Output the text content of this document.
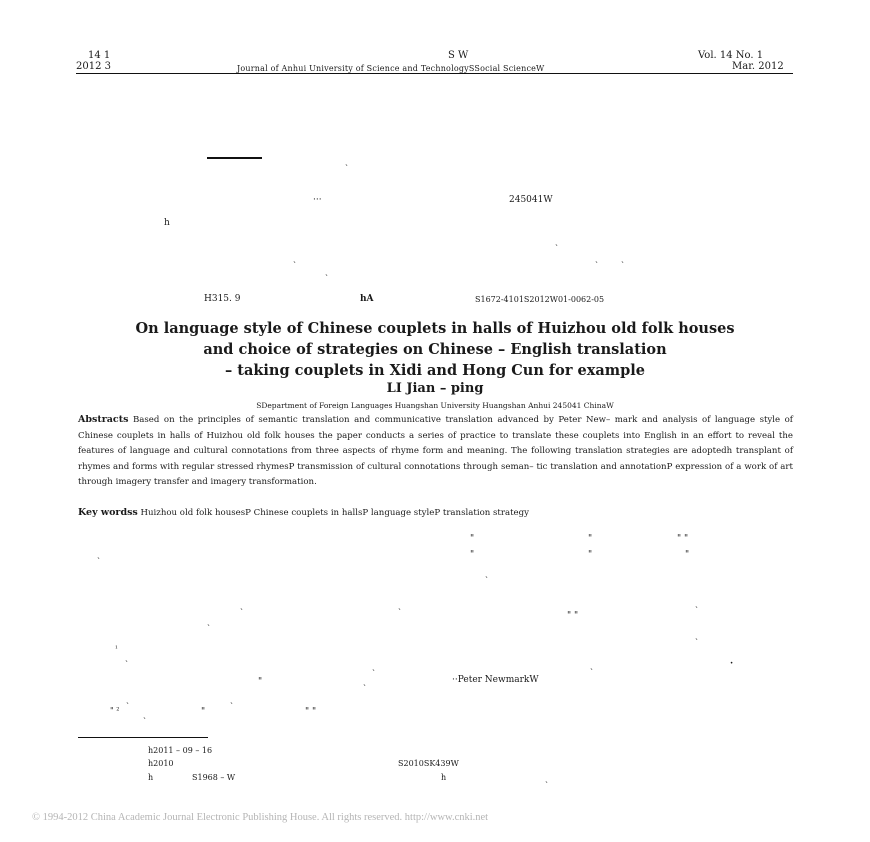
14 1
2012 3
S W
Journal of Anhui University of Science and TechnologySSocial ScienceW
Vol. 14 No. 1
Mar. 2012
ˎ
···	245041W
h
ˎ
ˎ	ˎ	ˎ
ˎ
H315. 9	hA	S1672-4101S2012W01-0062-05
On language style of Chinese couplets in halls of Huizhou old folk houses
and choice of strategies on Chinese – English translation
– taking couplets in Xidi and Hong Cun for example
LI Jian – ping
SDepartment of Foreign Languages Huangshan University Huangshan Anhui 245041 ChinaW
Abstracts Based on the principles of semantic translation and communicative translation advanced by Peter New– mark and analysis of language style of Chinese couplets in halls of Huizhou old folk houses the paper conducts a series of practice to translate these couplets into English in an effort to reveal the features of language and cultural connotations from three aspects of rhyme form and meaning. The following translation strategies are adoptedh transplant of rhymes and forms with regular stressed rhymesP transmission of cultural connotations through seman– tic translation and annotationP expression of a work of art through imagery transfer and imagery transformation.
Key wordss Huizhou old folk housesP Chinese couplets in hallsP language styleP translation strategy
"	"	" "
ˎ	"	"	"
ˏ
ˎ	ˎ	ˎ
ˎ
" "
ˏ
¹
ˏ
ˏ	ˏ	·
"	ˎ	··Peter NewmarkW
ˎ	ˏ
" ²	ˏ	"	" "
h2011 – 09 – 16
h2010	S2010SK439W
h	S1968 – W	h	ˏ
© 1994-2012 China Academic Journal Electronic Publishing House. All rights reserved. http://www.cnki.net
